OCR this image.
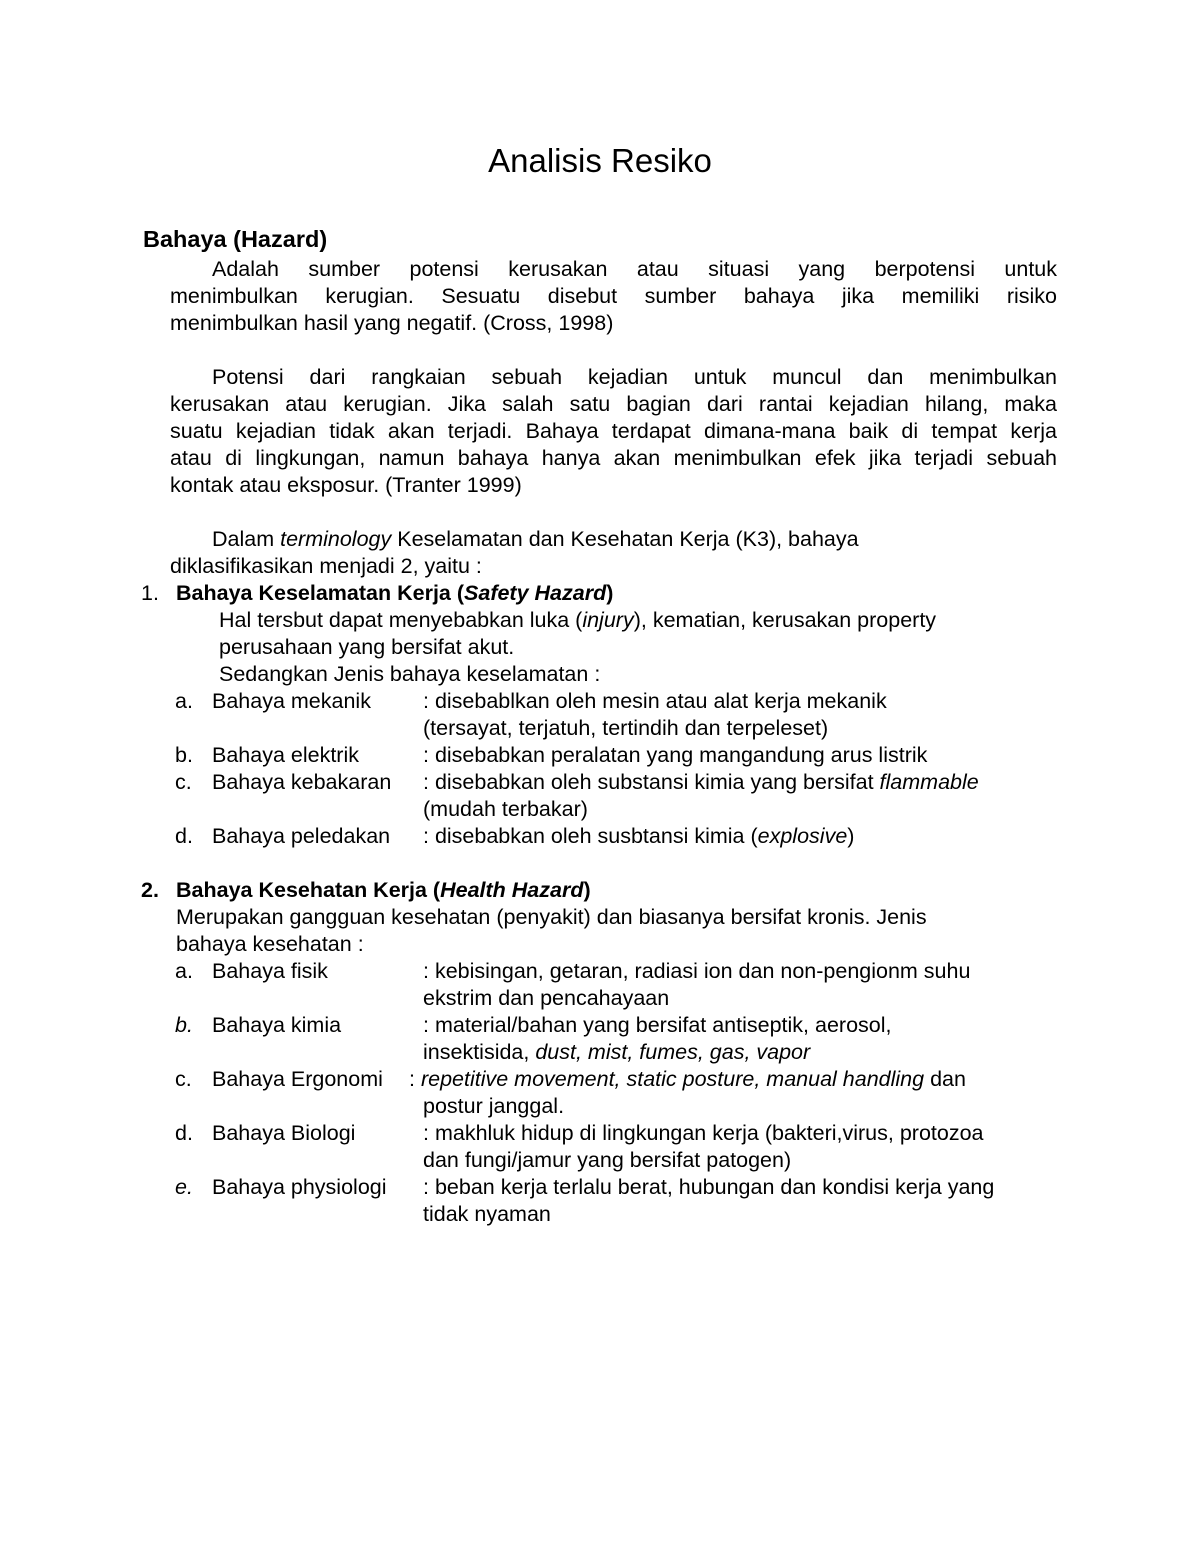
Analisis Resiko
Bahaya (Hazard)
Adalah sumber potensi kerusakan atau situasi yang berpotensi untuk
menimbulkan kerugian. Sesuatu disebut sumber bahaya jika memiliki risiko
menimbulkan hasil yang negatif. (Cross, 1998)
Potensi dari rangkaian sebuah kejadian untuk muncul dan menimbulkan
kerusakan atau kerugian. Jika salah satu bagian dari rantai kejadian hilang, maka
suatu kejadian tidak akan terjadi. Bahaya terdapat dimana-mana baik di tempat kerja
atau di lingkungan, namun bahaya hanya akan menimbulkan efek jika terjadi sebuah
kontak atau eksposur. (Tranter 1999)
Dalam terminology Keselamatan dan Kesehatan Kerja (K3), bahaya
diklasifikasikan menjadi 2, yaitu :
1. Bahaya Keselamatan Kerja (Safety Hazard)
Hal tersbut dapat menyebabkan luka (injury), kematian, kerusakan property
perusahaan yang bersifat akut.
Sedangkan Jenis bahaya keselamatan :
a. Bahaya mekanik : disebablkan oleh mesin atau alat kerja mekanik
(tersayat, terjatuh, tertindih dan terpeleset)
b. Bahaya elektrik	: disebabkan peralatan yang mangandung arus listrik
c. Bahaya kebakaran : disebabkan oleh substansi kimia yang bersifat flammable
(mudah terbakar)
d. Bahaya peledakan : disebabkan oleh susbtansi kimia (explosive)
2. Bahaya Kesehatan Kerja (Health Hazard)
Merupakan gangguan kesehatan (penyakit) dan biasanya bersifat kronis. Jenis
bahaya kesehatan :
a. Bahaya fisik	: kebisingan, getaran, radiasi ion dan non-pengionm suhu
ekstrim dan pencahayaan
b. Bahaya kimia	: material/bahan yang bersifat antiseptik, aerosol,
insektisida, dust, mist, fumes, gas, vapor
c. Bahaya Ergonomi : repetitive movement, static posture, manual handling dan
postur janggal.
d. Bahaya Biologi	: makhluk hidup di lingkungan kerja (bakteri,virus, protozoa
dan fungi/jamur yang bersifat patogen)
e. Bahaya physiologi : beban kerja terlalu berat, hubungan dan kondisi kerja yang
tidak nyaman
